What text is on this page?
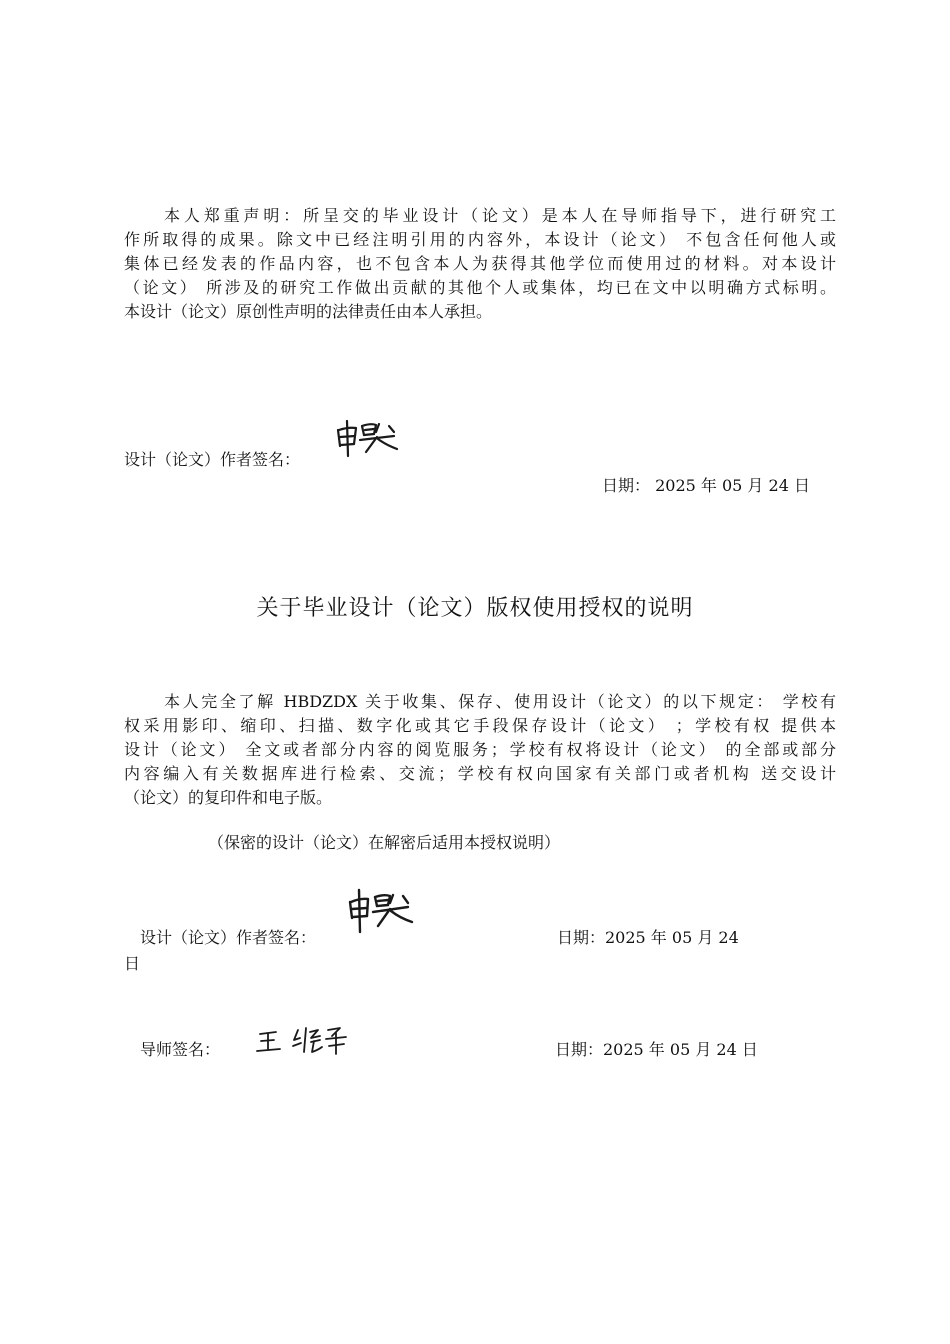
本人郑重声明：所呈交的毕业设计（论文）是本人在导师指导下，进行研究工
作所取得的成果。除文中已经注明引用的内容外，本设计（论文） 不包含任何他人或
集体已经发表的作品内容，也不包含本人为获得其他学位而使用过的材料。对本设计
（论文） 所涉及的研究工作做出贡献的其他个人或集体，均已在文中以明确方式标明。
本设计（论文）原创性声明的法律责任由本人承担。
设计（论文）作者签名：
日期： 2025 年 05 月 24 日
关于毕业设计（论文）版权使用授权的说明
本人完全了解 HBDZDX 关于收集、保存、使用设计（论文）的以下规定： 学校有
权采用影印、缩印、扫描、数字化或其它手段保存设计（论文） ；学校有权 提供本
设计（论文） 全文或者部分内容的阅览服务；学校有权将设计（论文） 的全部或部分
内容编入有关数据库进行检索、交流；学校有权向国家有关部门或者机构 送交设计
（论文）的复印件和电子版。
（保密的设计（论文）在解密后适用本授权说明）
设计（论文）作者签名：	日期：2025 年 05 月 24
日
导师签名：	日期：2025 年 05 月 24 日
